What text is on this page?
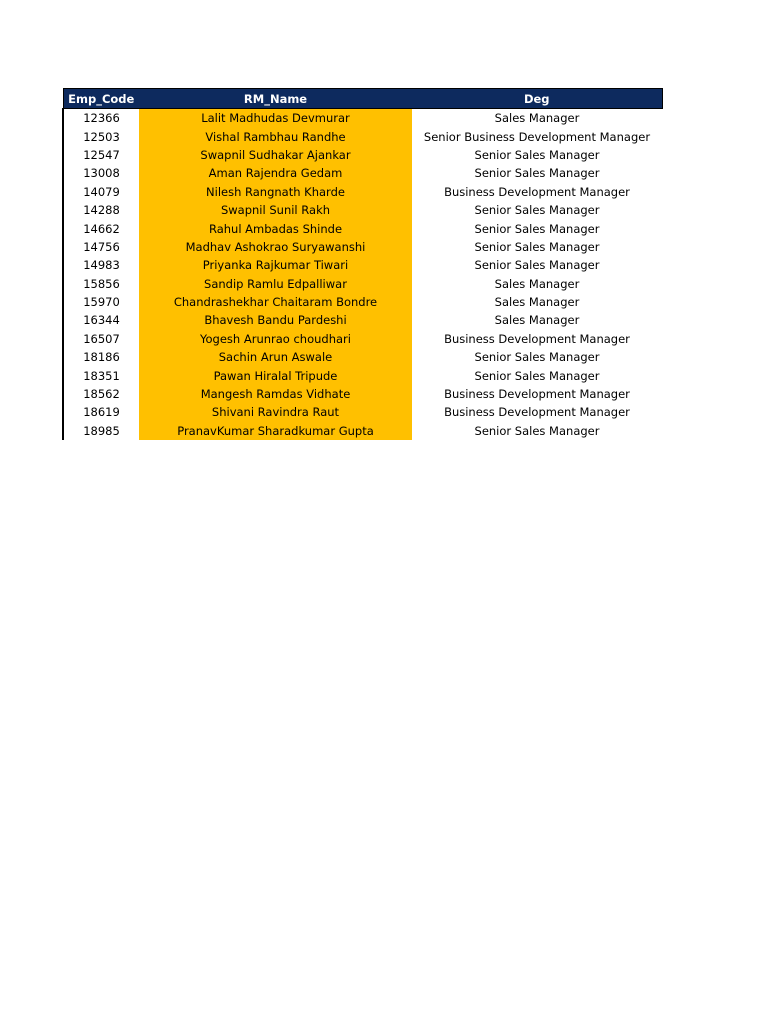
Emp_Code	RM_Name	Deg
12366	Lalit Madhudas Devmurar	Sales Manager
12503	Vishal Rambhau Randhe	Senior Business Development Manager
12547	Swapnil Sudhakar Ajankar	Senior Sales Manager
13008	Aman Rajendra Gedam	Senior Sales Manager
14079	Nilesh Rangnath Kharde	Business Development Manager
14288	Swapnil Sunil Rakh	Senior Sales Manager
14662	Rahul Ambadas Shinde	Senior Sales Manager
14756	Madhav Ashokrao Suryawanshi	Senior Sales Manager
14983	Priyanka Rajkumar Tiwari	Senior Sales Manager
15856	Sandip Ramlu Edpalliwar	Sales Manager
15970	Chandrashekhar Chaitaram Bondre	Sales Manager
16344	Bhavesh Bandu Pardeshi	Sales Manager
16507	Yogesh Arunrao choudhari	Business Development Manager
18186	Sachin Arun Aswale	Senior Sales Manager
18351	Pawan Hiralal Tripude	Senior Sales Manager
18562	Mangesh Ramdas Vidhate	Business Development Manager
18619	Shivani Ravindra Raut	Business Development Manager
18985	PranavKumar Sharadkumar Gupta	Senior Sales Manager
